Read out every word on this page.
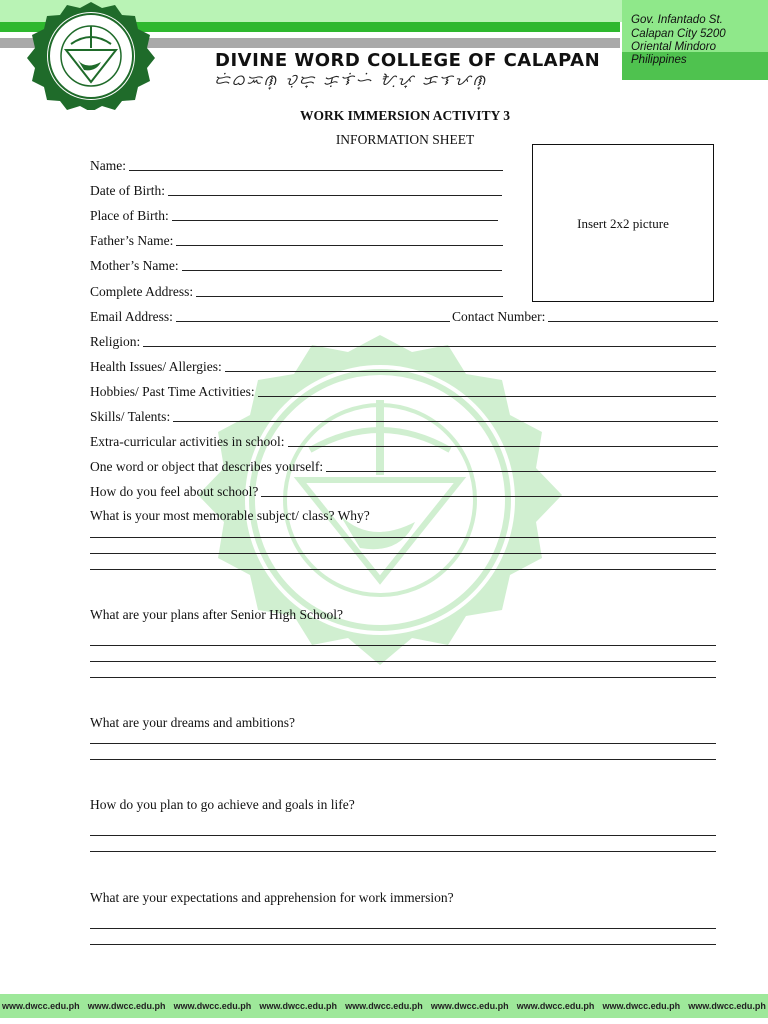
Gov. Infantado St.
Calapan City 5200
Oriental Mindoro
Philippines
DIVINE WORD COLLEGE OF CALAPAN
ᜇᜒᜊᜁᜈ᜔ ᜏᜓᜇ᜔ ᜃᜓᜎᜒᜑᜒ ᜀᜓᜉ᜔ ᜃᜎᜉᜈ᜔
WORK IMMERSION ACTIVITY 3
INFORMATION SHEET
Insert 2x2 picture
Name:
Date of Birth:
Place of Birth:
Father’s Name:
Mother’s Name:
Complete Address:
Email Address:	Contact Number:
Religion:
Health Issues/ Allergies:
Hobbies/ Past Time Activities:
Skills/ Talents:
Extra-curricular activities in school:
One word or object that describes yourself:
How do you feel about school?
What is your most memorable subject/ class? Why?
What are your plans after Senior High School?
What are your dreams and ambitions?
How do you plan to go achieve and goals in life?
What are your expectations and apprehension for work immersion?
www.dwcc.edu.ph www.dwcc.edu.ph www.dwcc.edu.ph www.dwcc.edu.ph www.dwcc.edu.ph www.dwcc.edu.ph www.dwcc.edu.ph www.dwcc.edu.ph www.dwcc.edu.ph
